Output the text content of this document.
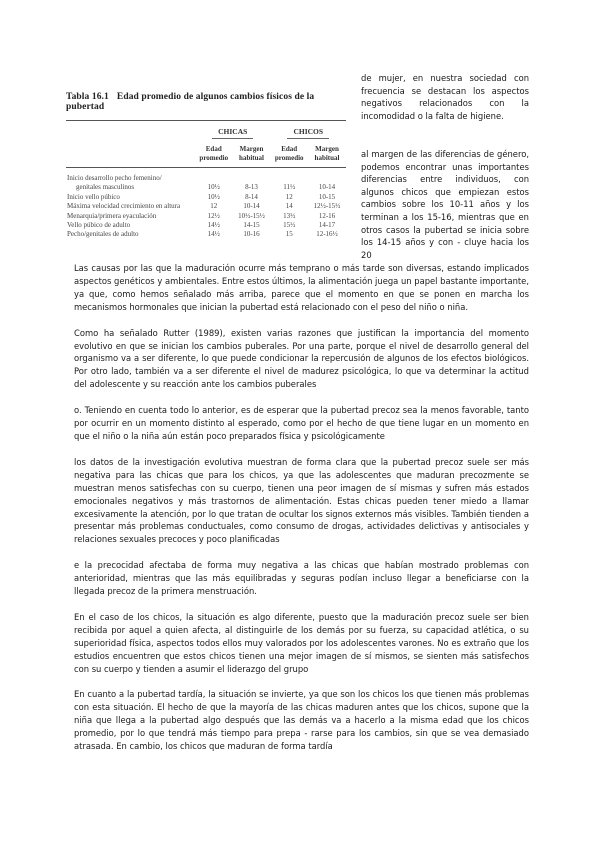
Tabla 16.1 Edad promedio de algunos cambios físicos de la pubertad
	CHICAS		CHICOS	
	Edad promedio	Margen habitual	Edad promedio	Margen habitual
Inicio desarrollo pecho femenino/				
genitales masculinos	10½	8-13	11½	10-14
Inicio vello púbico	10½	8-14	12	10-15
Máxima velocidad crecimiento en altura	12	10-14	14	12½-15½
Menarquia/primera eyaculación	12½	10½-15½	13½	12-16
Vello púbico de adulto	14½	14-15	15½	14-17
Pecho/genitales de adulto	14½	10-16	15	12-16½

de mujer, en nuestra sociedad con frecuencia se destacan los aspectos negativos relacionados con la incomodidad o la falta de higiene.

al margen de las diferencias de género, podemos encontrar unas importantes diferencias entre individuos, con algunos chicos que empiezan estos cambios sobre los 10-11 años y los terminan a los 15-16, mientras que en otros casos la pubertad se inicia sobre los 14-15 años y con - cluye hacia los 20

Las causas por las que la maduración ocurre más temprano o más tarde son diversas, estando implicados aspectos genéticos y ambientales. Entre estos últimos, la alimentación juega un papel bastante importante, ya que, como hemos señalado más arriba, parece que el momento en que se ponen en marcha los mecanismos hormonales que inician la pubertad está relacionado con el peso del niño o niña.

Como ha señalado Rutter (1989), existen varias razones que justifican la importancia del momento evolutivo en que se inician los cambios puberales. Por una parte, porque el nivel de desarrollo general del organismo va a ser diferente, lo que puede condicionar la repercusión de algunos de los efectos biológicos. Por otro lado, también va a ser diferente el nivel de madurez psicológica, lo que va determinar la actitud del adolescente y su reacción ante los cambios puberales

o. Teniendo en cuenta todo lo anterior, es de esperar que la pubertad precoz sea la menos favorable, tanto por ocurrir en un momento distinto al esperado, como por el hecho de que tiene lugar en un momento en que el niño o la niña aún están poco preparados física y psicológicamente

los datos de la investigación evolutiva muestran de forma clara que la pubertad precoz suele ser más negativa para las chicas que para los chicos, ya que las adolescentes que maduran precozmente se muestran menos satisfechas con su cuerpo, tienen una peor imagen de sí mismas y sufren más estados emocionales negativos y más trastornos de alimentación. Estas chicas pueden tener miedo a llamar excesivamente la atención, por lo que tratan de ocultar los signos externos más visibles. También tienden a presentar más problemas conductuales, como consumo de drogas, actividades delictivas y antisociales y relaciones sexuales precoces y poco planificadas

e la precocidad afectaba de forma muy negativa a las chicas que habían mostrado problemas con anterioridad, mientras que las más equilibradas y seguras podían incluso llegar a beneficiarse con la llegada precoz de la primera menstruación.

En el caso de los chicos, la situación es algo diferente, puesto que la maduración precoz suele ser bien recibida por aquel a quien afecta, al distinguirle de los demás por su fuerza, su capacidad atlética, o su superioridad física, aspectos todos ellos muy valorados por los adolescentes varones. No es extraño que los estudios encuentren que estos chicos tienen una mejor imagen de sí mismos, se sienten más satisfechos con su cuerpo y tienden a asumir el liderazgo del grupo

En cuanto a la pubertad tardía, la situación se invierte, ya que son los chicos los que tienen más problemas con esta situación. El hecho de que la mayoría de las chicas maduren antes que los chicos, supone que la niña que llega a la pubertad algo después que las demás va a hacerlo a la misma edad que los chicos promedio, por lo que tendrá más tiempo para prepa - rarse para los cambios, sin que se vea demasiado atrasada. En cambio, los chicos que maduran de forma tardía
